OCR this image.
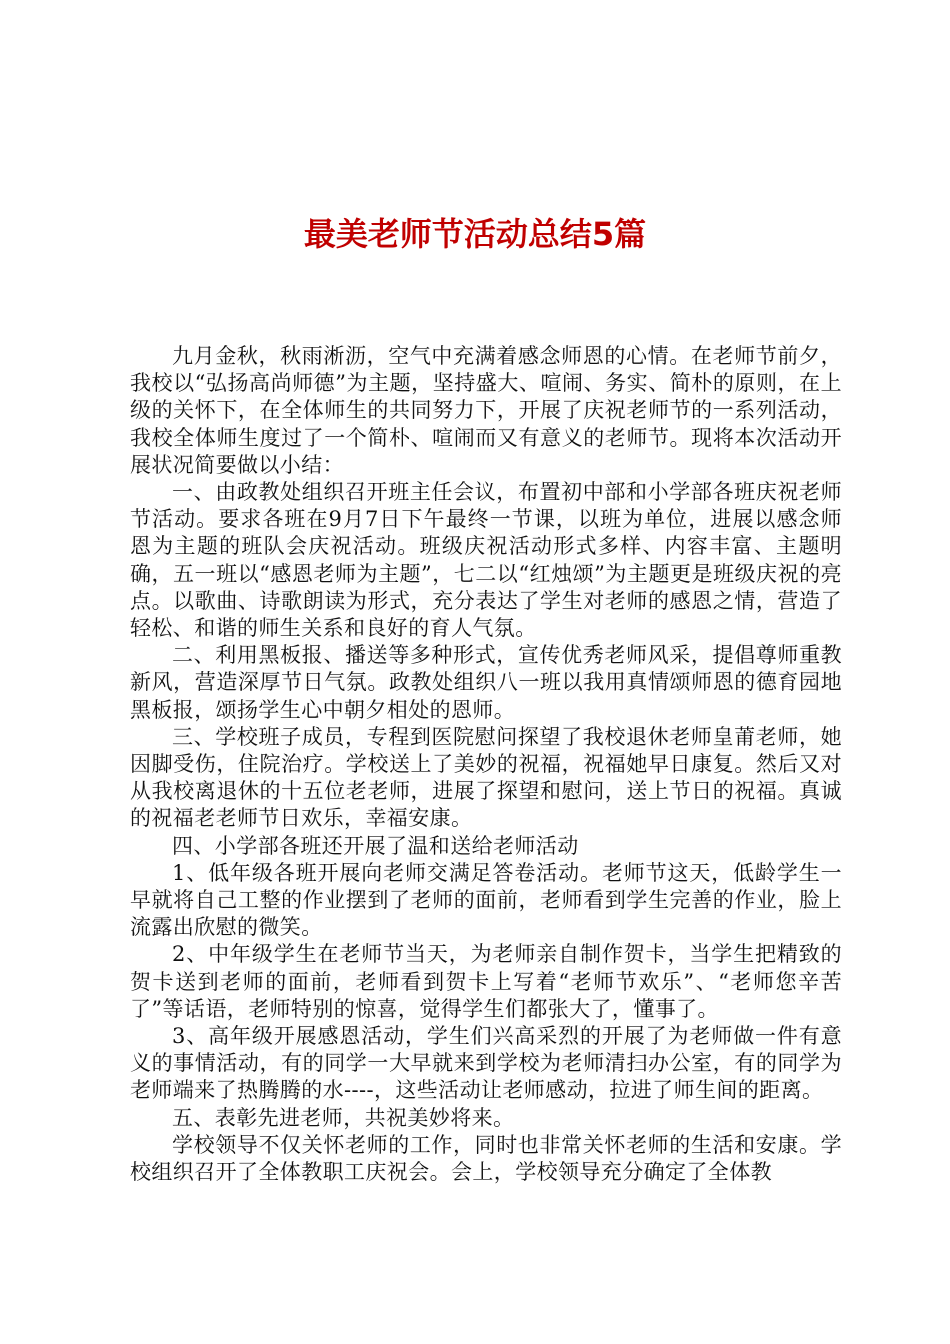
最美老师节活动总结5篇

九月金秋，秋雨淅沥，空气中充满着感念师恩的心情。在老师节前夕，我校以“弘扬高尚师德”为主题，坚持盛大、喧闹、务实、简朴的原则，在上级的关怀下，在全体师生的共同努力下，开展了庆祝老师节的一系列活动，我校全体师生度过了一个简朴、喧闹而又有意义的老师节。现将本次活动开展状况简要做以小结：

一、由政教处组织召开班主任会议，布置初中部和小学部各班庆祝老师节活动。要求各班在9月7日下午最终一节课，以班为单位，进展以感念师恩为主题的班队会庆祝活动。班级庆祝活动形式多样、内容丰富、主题明确，五一班以“感恩老师为主题”，七二以“红烛颂”为主题更是班级庆祝的亮点。以歌曲、诗歌朗读为形式，充分表达了学生对老师的感恩之情，营造了轻松、和谐的师生关系和良好的育人气氛。

二、利用黑板报、播送等多种形式，宣传优秀老师风采，提倡尊师重教新风，营造深厚节日气氛。政教处组织八一班以我用真情颂师恩的德育园地黑板报，颂扬学生心中朝夕相处的恩师。

三、学校班子成员，专程到医院慰问探望了我校退休老师皇莆老师，她因脚受伤，住院治疗。学校送上了美妙的祝福，祝福她早日康复。然后又对从我校离退休的十五位老老师，进展了探望和慰问，送上节日的祝福。真诚的祝福老老师节日欢乐，幸福安康。

四、小学部各班还开展了温和送给老师活动

1、低年级各班开展向老师交满足答卷活动。老师节这天，低龄学生一早就将自己工整的作业摆到了老师的面前，老师看到学生完善的作业，脸上流露出欣慰的微笑。

2、中年级学生在老师节当天，为老师亲自制作贺卡，当学生把精致的贺卡送到老师的面前，老师看到贺卡上写着“老师节欢乐”、“老师您辛苦了”等话语，老师特别的惊喜，觉得学生们都张大了，懂事了。

3、高年级开展感恩活动，学生们兴高采烈的开展了为老师做一件有意义的事情活动，有的同学一大早就来到学校为老师清扫办公室，有的同学为老师端来了热腾腾的水----，这些活动让老师感动，拉进了师生间的距离。

五、表彰先进老师，共祝美妙将来。

学校领导不仅关怀老师的工作，同时也非常关怀老师的生活和安康。学校组织召开了全体教职工庆祝会。会上，学校领导充分确定了全体教
